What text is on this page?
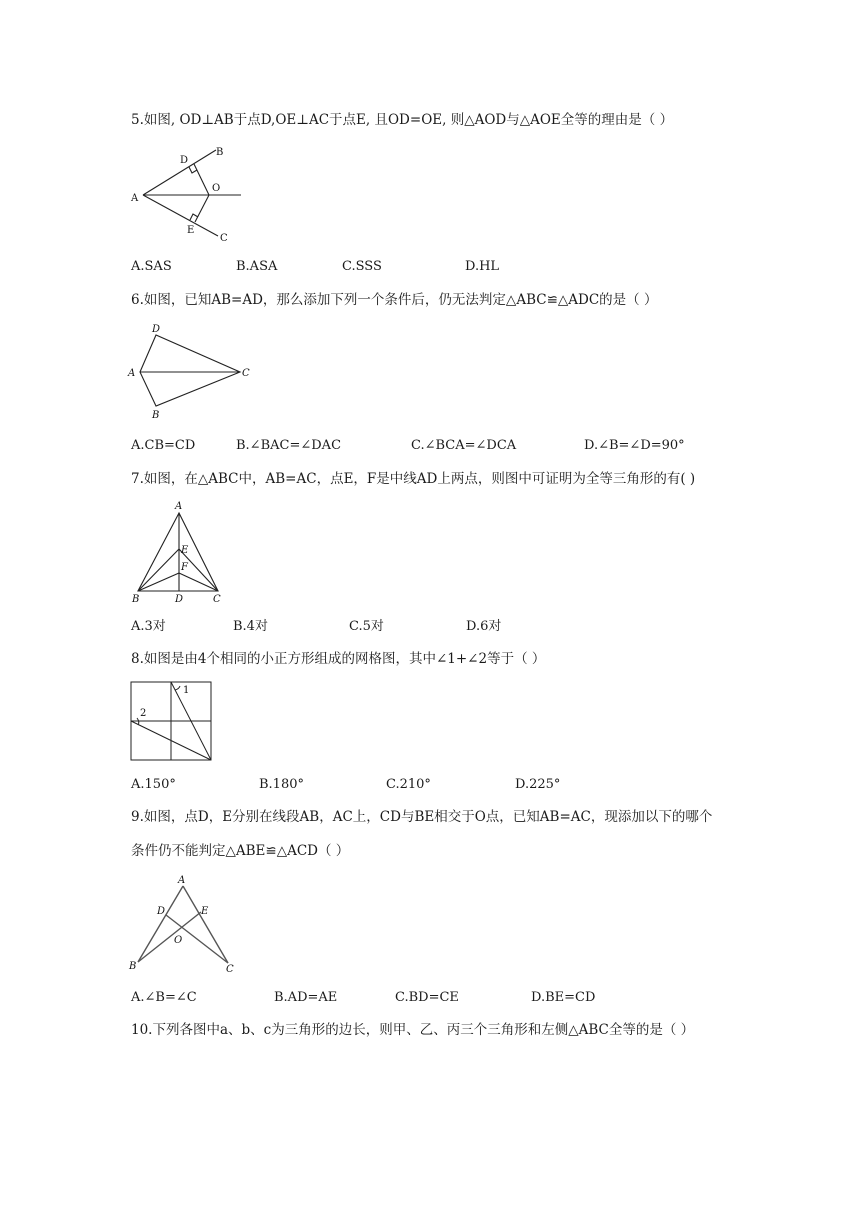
5.如图, OD⊥AB于点D,OE⊥AC于点E, 且OD=OE, 则△AOD与△AOE全等的理由是（ ）
A
B
C
D
E
O
A.SAS	B.ASA	C.SSS	D.HL
6.如图，已知AB=AD，那么添加下列一个条件后，仍无法判定△ABC≌△ADC的是（ ）
A
B
C
D
A.CB=CD	B.∠BAC=∠DAC	C.∠BCA=∠DCA	D.∠B=∠D=90°
7.如图，在△ABC中，AB=AC，点E，F是中线AD上两点，则图中可证明为全等三角形的有( )
A
B	C
D
E
F
A.3对	B.4对	C.5对	D.6对
8.如图是由4个相同的小正方形组成的网格图，其中∠1+∠2等于（ ）
1
2
A.150°	B.180°	C.210°	D.225°
9.如图，点D，E分别在线段AB，AC上，CD与BE相交于O点，已知AB=AC，现添加以下的哪个
条件仍不能判定△ABE≌△ACD（ ）
A
B	C
D	E
O
A.∠B=∠C	B.AD=AE	C.BD=CE	D.BE=CD
10.下列各图中a、b、c为三角形的边长，则甲、乙、丙三个三角形和左侧△ABC全等的是（ ）
